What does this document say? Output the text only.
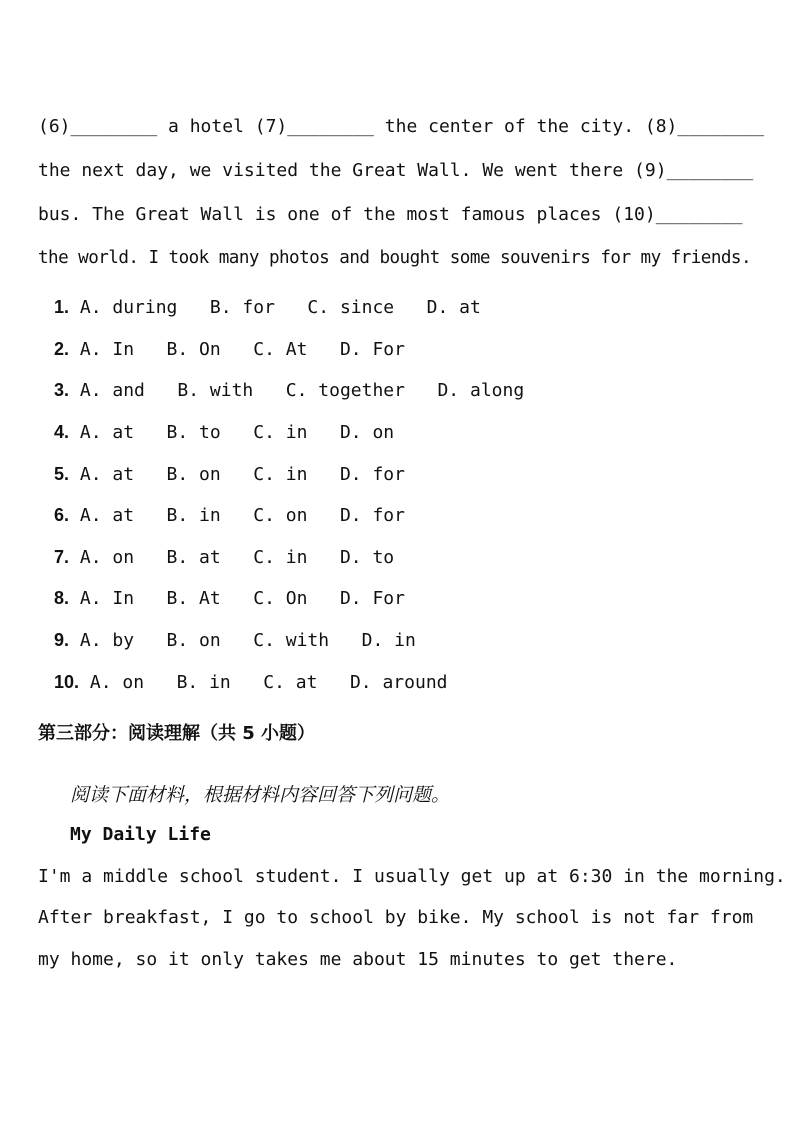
(6)________ a hotel (7)________ the center of the city. (8)________
the next day, we visited the Great Wall. We went there (9)________
bus. The Great Wall is one of the most famous places (10)________
the world. I took many photos and bought some souvenirs for my friends.

1. A. during   B. for   C. since   D. at

2. A. In   B. On   C. At   D. For

3. A. and   B. with   C. together   D. along

4. A. at   B. to   C. in   D. on

5. A. at   B. on   C. in   D. for

6. A. at   B. in   C. on   D. for

7. A. on   B. at   C. in   D. to

8. A. In   B. At   C. On   D. For

9. A. by   B. on   C. with   D. in

10. A. on   B. in   C. at   D. around

第三部分：阅读理解（共 5 小题）
阅读下面材料，根据材料内容回答下列问题。
My Daily Life
I'm a middle school student. I usually get up at 6:30 in the morning.
After breakfast, I go to school by bike. My school is not far from
my home, so it only takes me about 15 minutes to get there.
